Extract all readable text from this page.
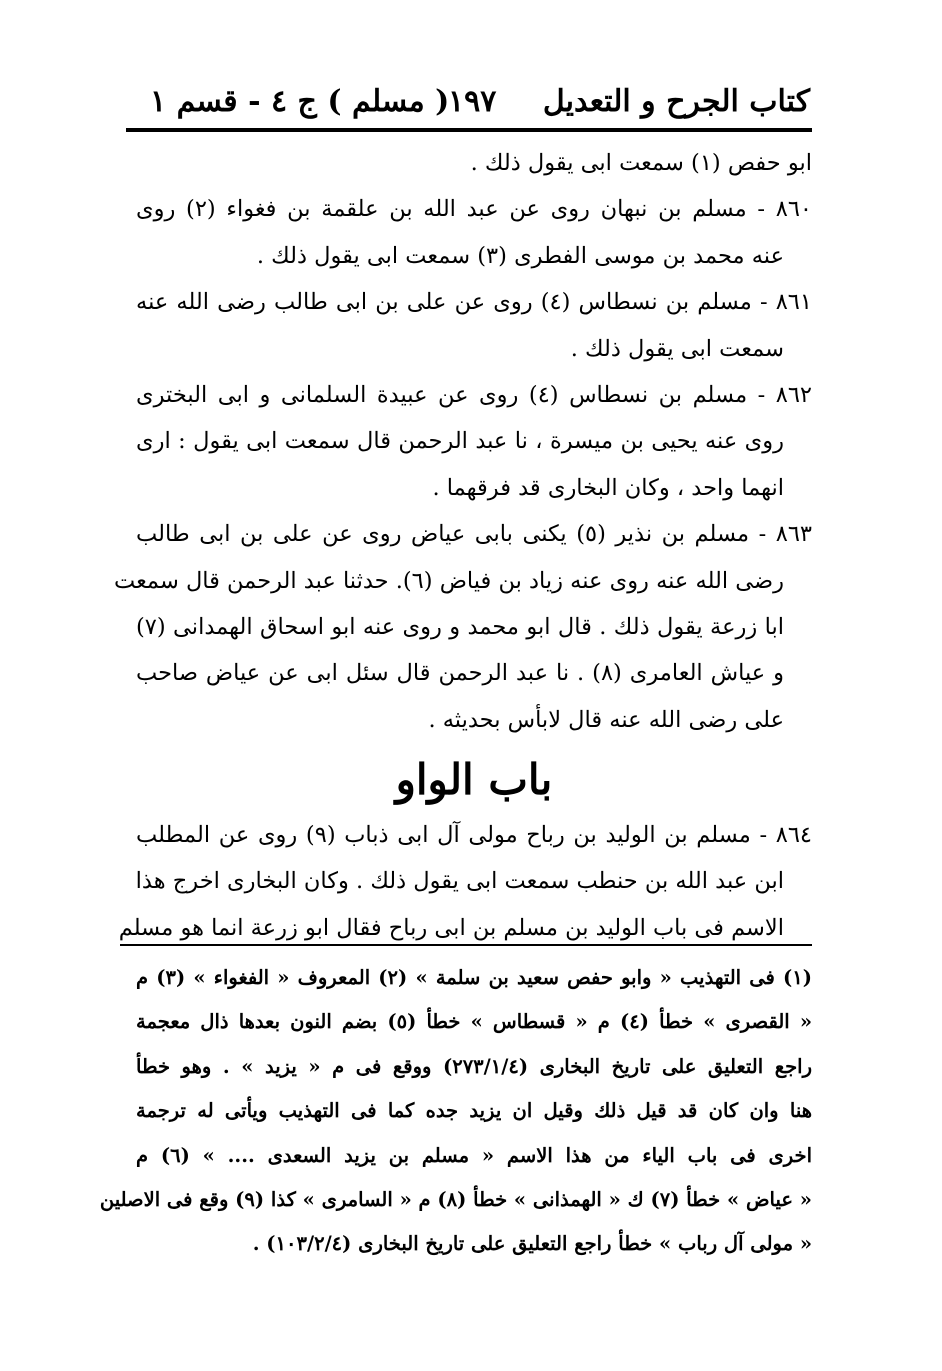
كتاب الجرح و التعديل
١٩٧
( مسلم ) ج ٤ - قسم ١
ابو حفص (١) سمعت ابى يقول ذلك .
٨٦٠ - مسلم بن نبهان روى عن عبد الله بن علقمة بن فغواء (٢) روى
عنه محمد بن موسى الفطرى (٣) سمعت ابى يقول ذلك .
٨٦١ - مسلم بن نسطاس (٤) روى عن على بن ابى طالب رضى الله عنه
سمعت ابى يقول ذلك .
٨٦٢ - مسلم بن نسطاس (٤) روى عن عبيدة السلمانى و ابى البخترى
روى عنه يحيى بن ميسرة ، نا عبد الرحمن قال سمعت ابى يقول : ارى
انهما واحد ، وكان البخارى قد فرقهما .
٨٦٣ - مسلم بن نذير (٥) يكنى بابى عياض روى عن على بن ابى طالب
رضى الله عنه روى عنه زياد بن فياض (٦). حدثنا عبد الرحمن قال سمعت
ابا زرعة يقول ذلك . قال ابو محمد و روى عنه ابو اسحاق الهمدانى (٧)
و عياش العامرى (٨) . نا عبد الرحمن قال سئل ابى عن عياض صاحب
على رضى الله عنه قال لابأس بحديثه .
باب الواو
٨٦٤ - مسلم بن الوليد بن رباح مولى آل ابى ذباب (٩) روى عن المطلب
ابن عبد الله بن حنطب سمعت ابى يقول ذلك . وكان البخارى اخرج هذا
الاسم فى باب الوليد بن مسلم بن ابى رباح فقال ابو زرعة انما هو مسلم
(١) فى التهذيب « وابو حفص سعيد بن سلمة » (٢) المعروف « الفغواء » (٣) م
« القصرى » خطأ (٤) م « قسطاس » خطأ (٥) بضم النون بعدها ذال معجمة
راجع التعليق على تاريخ البخارى (٢٧٣/١/٤) ووقع فى م « يزيد » . وهو خطأ
هنا وان كان قد قيل ذلك وقيل ان يزيد جده كما فى التهذيب ويأتى له ترجمة
اخرى فى باب الياء من هذا الاسم « مسلم بن يزيد السعدى .... » (٦) م
« عياض » خطأ (٧) ك « الهمذانى » خطأ (٨) م « السامرى » كذا (٩) وقع فى الاصلين
« مولى آل رباب » خطأ راجع التعليق على تاريخ البخارى (١٠٣/٢/٤) .
